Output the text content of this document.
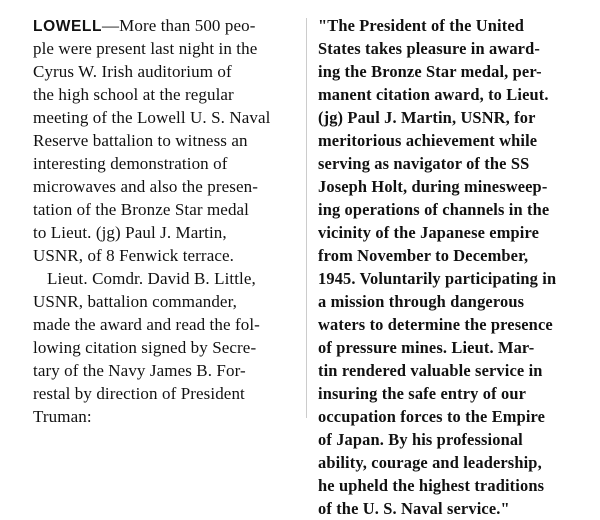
LOWELL—More than 500 peo-
ple were present last night in the
Cyrus W. Irish auditorium of
the high school at the regular
meeting of the Lowell U. S. Naval
Reserve battalion to witness an
interesting demonstration of
microwaves and also the presen-
tation of the Bronze Star medal
to Lieut. (jg) Paul J. Martin,
USNR, of 8 Fenwick terrace.
Lieut. Comdr. David B. Little,
USNR, battalion commander,
made the award and read the fol-
lowing citation signed by Secre-
tary of the Navy James B. For-
restal by direction of President
Truman:
"The President of the United
States takes pleasure in award-
ing the Bronze Star medal, per-
manent citation award, to Lieut.
(jg) Paul J. Martin, USNR, for
meritorious achievement while
serving as navigator of the SS
Joseph Holt, during minesweep-
ing operations of channels in the
vicinity of the Japanese empire
from November to December,
1945. Voluntarily participating in
a mission through dangerous
waters to determine the presence
of pressure mines. Lieut. Mar-
tin rendered valuable service in
insuring the safe entry of our
occupation forces to the Empire
of Japan. By his professional
ability, courage and leadership,
he upheld the highest traditions
of the U. S. Naval service."
